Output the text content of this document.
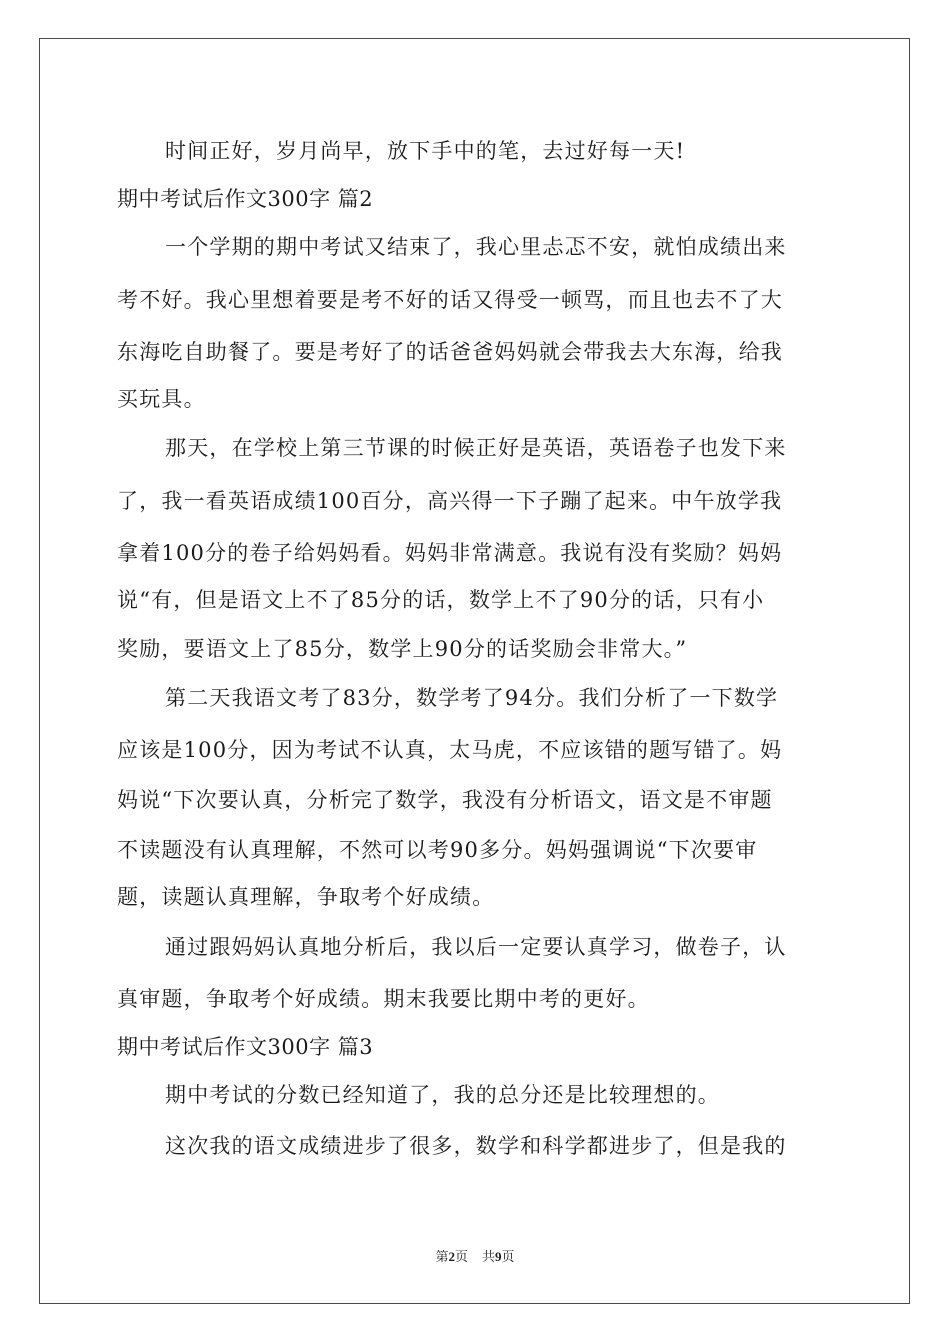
时间正好，岁月尚早，放下手中的笔，去过好每一天!
期中考试后作文300字 篇2
一个学期的期中考试又结束了，我心里忐忑不安，就怕成绩出来
考不好。我心里想着要是考不好的话又得受一顿骂，而且也去不了大
东海吃自助餐了。要是考好了的话爸爸妈妈就会带我去大东海，给我
买玩具。
那天，在学校上第三节课的时候正好是英语，英语卷子也发下来
了，我一看英语成绩100百分，高兴得一下子蹦了起来。中午放学我
拿着100分的卷子给妈妈看。妈妈非常满意。我说有没有奖励？妈妈
说“有，但是语文上不了85分的话，数学上不了90分的话，只有小
奖励，要语文上了85分，数学上90分的话奖励会非常大。”
第二天我语文考了83分，数学考了94分。我们分析了一下数学
应该是100分，因为考试不认真，太马虎，不应该错的题写错了。妈
妈说“下次要认真，分析完了数学，我没有分析语文，语文是不审题
不读题没有认真理解，不然可以考90多分。妈妈强调说“下次要审
题，读题认真理解，争取考个好成绩。
通过跟妈妈认真地分析后，我以后一定要认真学习，做卷子，认
真审题，争取考个好成绩。期末我要比期中考的更好。
期中考试后作文300字 篇3
期中考试的分数已经知道了，我的总分还是比较理想的。
这次我的语文成绩进步了很多，数学和科学都进步了，但是我的
第2页 共9页
